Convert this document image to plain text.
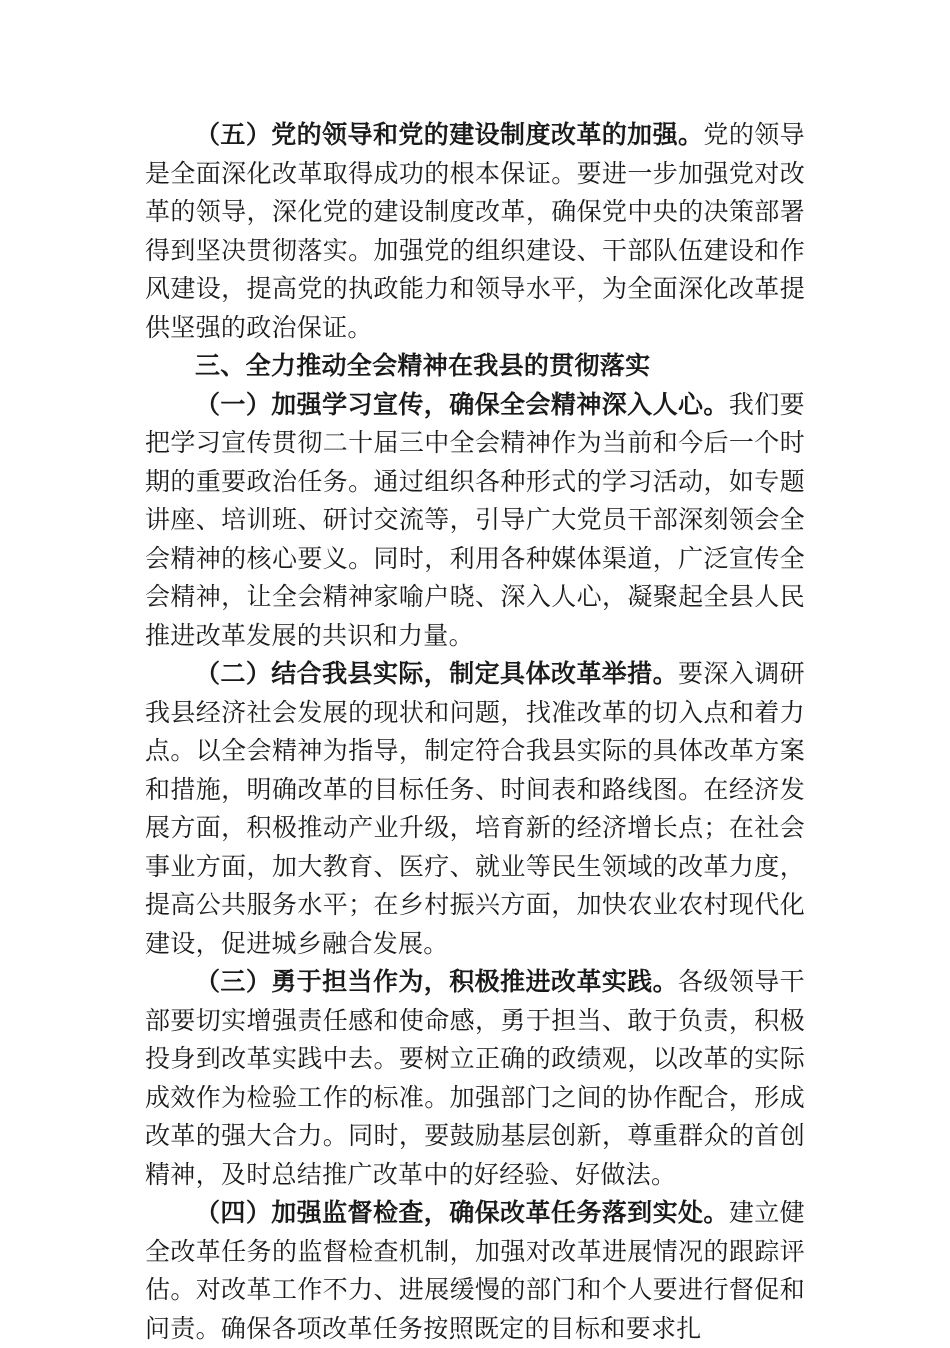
（五）党的领导和党的建设制度改革的加强。党的领导是全面深化改革取得成功的根本保证。要进一步加强党对改革的领导，深化党的建设制度改革，确保党中央的决策部署得到坚决贯彻落实。加强党的组织建设、干部队伍建设和作风建设，提高党的执政能力和领导水平，为全面深化改革提供坚强的政治保证。

三、全力推动全会精神在我县的贯彻落实

（一）加强学习宣传，确保全会精神深入人心。我们要把学习宣传贯彻二十届三中全会精神作为当前和今后一个时期的重要政治任务。通过组织各种形式的学习活动，如专题讲座、培训班、研讨交流等，引导广大党员干部深刻领会全会精神的核心要义。同时，利用各种媒体渠道，广泛宣传全会精神，让全会精神家喻户晓、深入人心，凝聚起全县人民推进改革发展的共识和力量。

（二）结合我县实际，制定具体改革举措。要深入调研我县经济社会发展的现状和问题，找准改革的切入点和着力点。以全会精神为指导，制定符合我县实际的具体改革方案和措施，明确改革的目标任务、时间表和路线图。在经济发展方面，积极推动产业升级，培育新的经济增长点；在社会事业方面，加大教育、医疗、就业等民生领域的改革力度，提高公共服务水平；在乡村振兴方面，加快农业农村现代化建设，促进城乡融合发展。

（三）勇于担当作为，积极推进改革实践。各级领导干部要切实增强责任感和使命感，勇于担当、敢于负责，积极投身到改革实践中去。要树立正确的政绩观，以改革的实际成效作为检验工作的标准。加强部门之间的协作配合，形成改革的强大合力。同时，要鼓励基层创新，尊重群众的首创精神，及时总结推广改革中的好经验、好做法。

（四）加强监督检查，确保改革任务落到实处。建立健全改革任务的监督检查机制，加强对改革进展情况的跟踪评估。对改革工作不力、进展缓慢的部门和个人要进行督促和问责。确保各项改革任务按照既定的目标和要求扎
